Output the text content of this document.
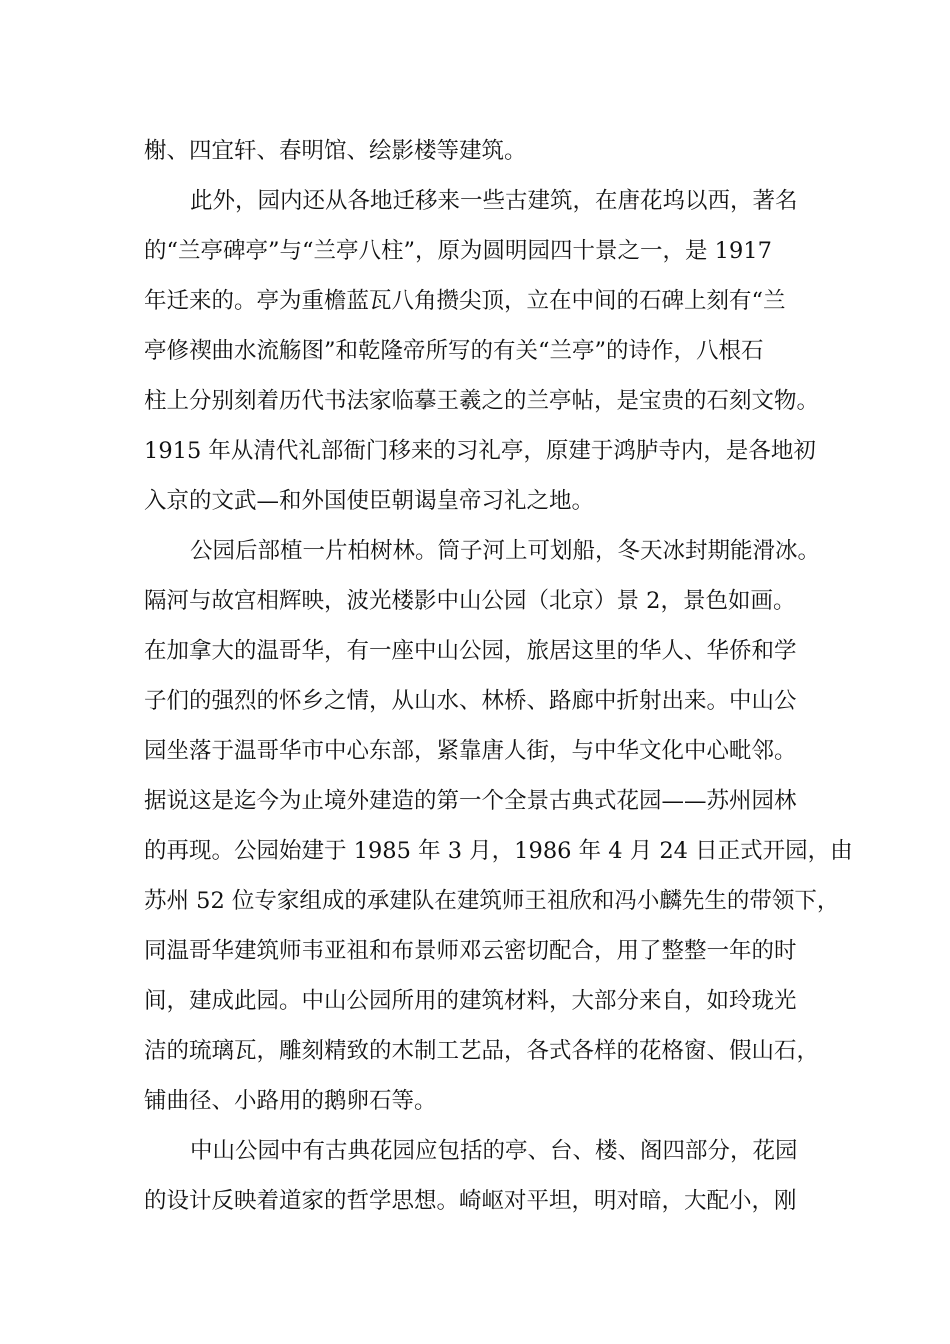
榭、四宜轩、春明馆、绘影楼等建筑。
此外，园内还从各地迁移来一些古建筑，在唐花坞以西，著名
的“兰亭碑亭”与“兰亭八柱”，原为圆明园四十景之一，是 1917
年迁来的。亭为重檐蓝瓦八角攒尖顶，立在中间的石碑上刻有“兰
亭修禊曲水流觞图”和乾隆帝所写的有关“兰亭”的诗作，八根石
柱上分别刻着历代书法家临摹王羲之的兰亭帖，是宝贵的石刻文物。
1915 年从清代礼部衙门移来的习礼亭，原建于鸿胪寺内，是各地初
入京的文武—和外国使臣朝谒皇帝习礼之地。
公园后部植一片柏树林。筒子河上可划船，冬天冰封期能滑冰。
隔河与故宫相辉映，波光楼影中山公园（北京）景 2，景色如画。
在加拿大的温哥华，有一座中山公园，旅居这里的华人、华侨和学
子们的强烈的怀乡之情，从山水、林桥、路廊中折射出来。中山公
园坐落于温哥华市中心东部，紧靠唐人街，与中华文化中心毗邻。
据说这是迄今为止境外建造的第一个全景古典式花园——苏州园林
的再现。公园始建于 1985 年 3 月，1986 年 4 月 24 日正式开园，由
苏州 52 位专家组成的承建队在建筑师王祖欣和冯小麟先生的带领下，
同温哥华建筑师韦亚祖和布景师邓云密切配合，用了整整一年的时
间，建成此园。中山公园所用的建筑材料，大部分来自，如玲珑光
洁的琉璃瓦，雕刻精致的木制工艺品，各式各样的花格窗、假山石，
铺曲径、小路用的鹅卵石等。
中山公园中有古典花园应包括的亭、台、楼、阁四部分，花园
的设计反映着道家的哲学思想。崎岖对平坦，明对暗，大配小，刚
